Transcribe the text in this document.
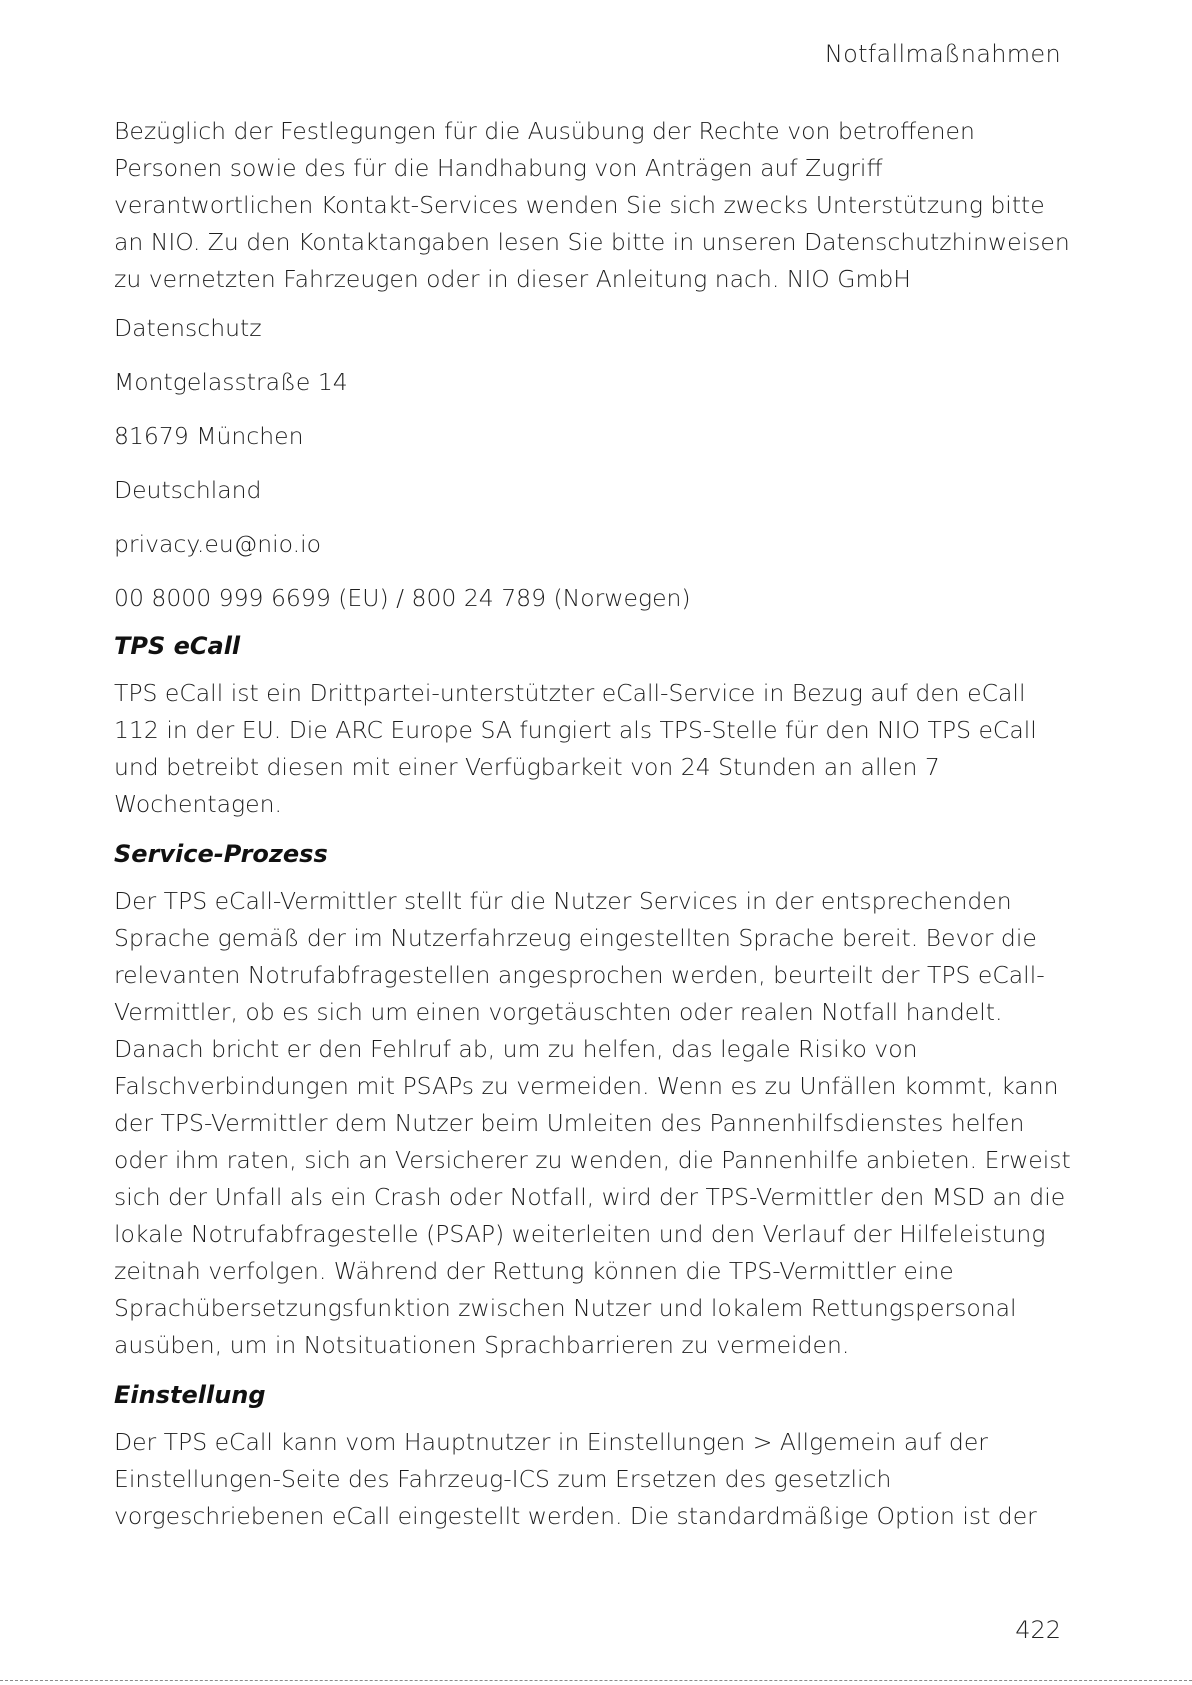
Notfallmaßnahmen

Bezüglich der Festlegungen für die Ausübung der Rechte von betroffenen Personen sowie des für die Handhabung von Anträgen auf Zugriff verantwortlichen Kontakt-Services wenden Sie sich zwecks Unterstützung bitte an NIO. Zu den Kontaktangaben lesen Sie bitte in unseren Datenschutzhinweisen zu vernetzten Fahrzeugen oder in dieser Anleitung nach. NIO GmbH

Datenschutz

Montgelasstraße 14

81679 München

Deutschland

privacy.eu@nio.io

00 8000 999 6699 (EU) / 800 24 789 (Norwegen)

TPS eCall

TPS eCall ist ein Drittpartei-unterstützter eCall-Service in Bezug auf den eCall 112 in der EU. Die ARC Europe SA fungiert als TPS-Stelle für den NIO TPS eCall und betreibt diesen mit einer Verfügbarkeit von 24 Stunden an allen 7 Wochentagen.

Service-Prozess

Der TPS eCall-Vermittler stellt für die Nutzer Services in der entsprechenden Sprache gemäß der im Nutzerfahrzeug eingestellten Sprache bereit. Bevor die relevanten Notrufabfragestellen angesprochen werden, beurteilt der TPS eCall-Vermittler, ob es sich um einen vorgetäuschten oder realen Notfall handelt. Danach bricht er den Fehlruf ab, um zu helfen, das legale Risiko von Falschverbindungen mit PSAPs zu vermeiden. Wenn es zu Unfällen kommt, kann der TPS-Vermittler dem Nutzer beim Umleiten des Pannenhilfsdienstes helfen oder ihm raten, sich an Versicherer zu wenden, die Pannenhilfe anbieten. Erweist sich der Unfall als ein Crash oder Notfall, wird der TPS-Vermittler den MSD an die lokale Notrufabfragestelle (PSAP) weiterleiten und den Verlauf der Hilfeleistung zeitnah verfolgen. Während der Rettung können die TPS-Vermittler eine Sprachübersetzungsfunktion zwischen Nutzer und lokalem Rettungspersonal ausüben, um in Notsituationen Sprachbarrieren zu vermeiden.

Einstellung

Der TPS eCall kann vom Hauptnutzer in Einstellungen > Allgemein auf der Einstellungen-Seite des Fahrzeug-ICS zum Ersetzen des gesetzlich vorgeschriebenen eCall eingestellt werden. Die standardmäßige Option ist der

422
